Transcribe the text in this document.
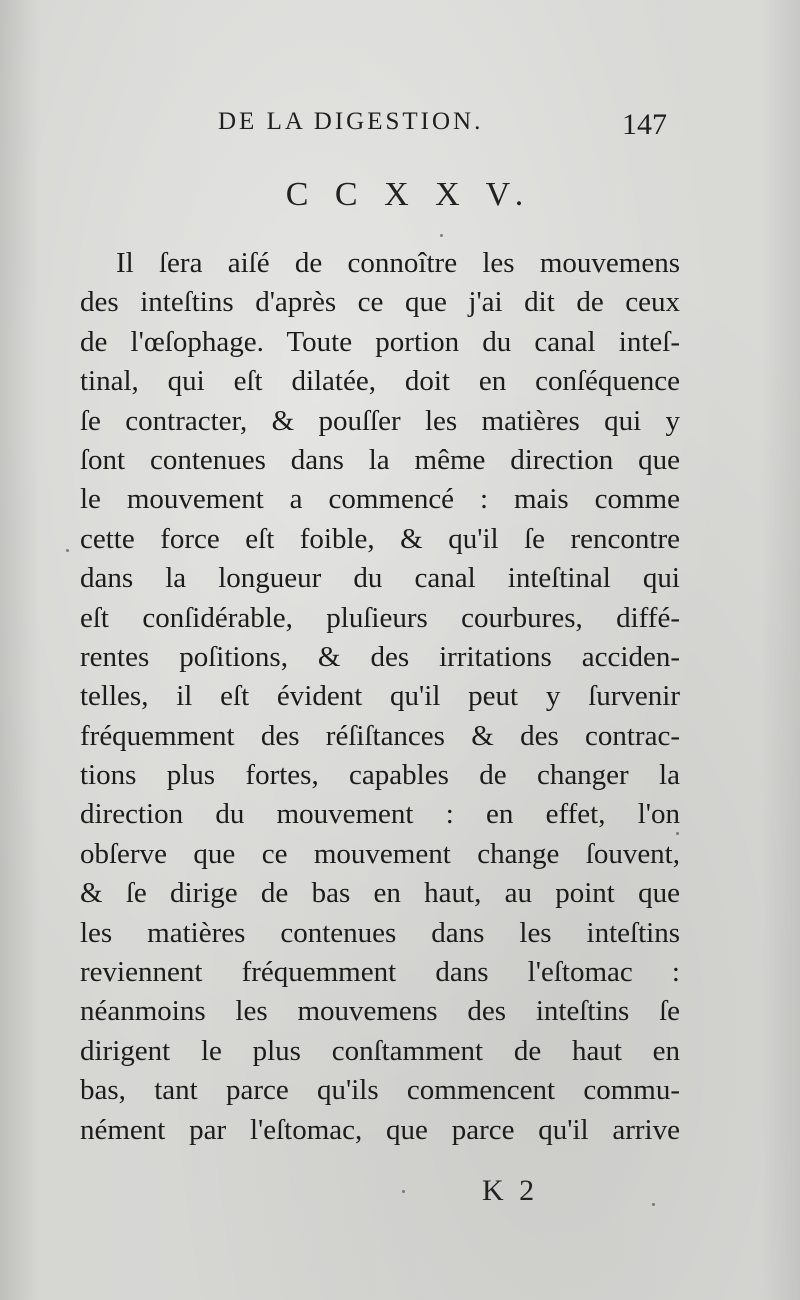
ﾠ
DE LA DIGESTION.	147
C C X X V.
Il ſera aiſé de connoître les mouvemens
des inteſtins d'après ce que j'ai dit de ceux
de l'œſophage. Toute portion du canal inteſ-
tinal, qui eſt dilatée, doit en conſéquence
ſe contracter, & pouſſer les matières qui y
ſont contenues dans la même direction que
le mouvement a commencé : mais comme
cette force eſt foible, & qu'il ſe rencontre
dans la longueur du canal inteſtinal qui
eſt conſidérable, pluſieurs courbures, diffé-
rentes poſitions, & des irritations acciden-
telles, il eſt évident qu'il peut y ſurvenir
fréquemment des réſiſtances & des contrac-
tions plus fortes, capables de changer la
direction du mouvement : en effet, l'on
obſerve que ce mouvement change ſouvent,
& ſe dirige de bas en haut, au point que
les matières contenues dans les inteſtins
reviennent fréquemment dans l'eſtomac :
néanmoins les mouvemens des inteſtins ſe
dirigent le plus conſtamment de haut en
bas, tant parce qu'ils commencent commu-
nément par l'eſtomac, que parce qu'il arrive
K 2
